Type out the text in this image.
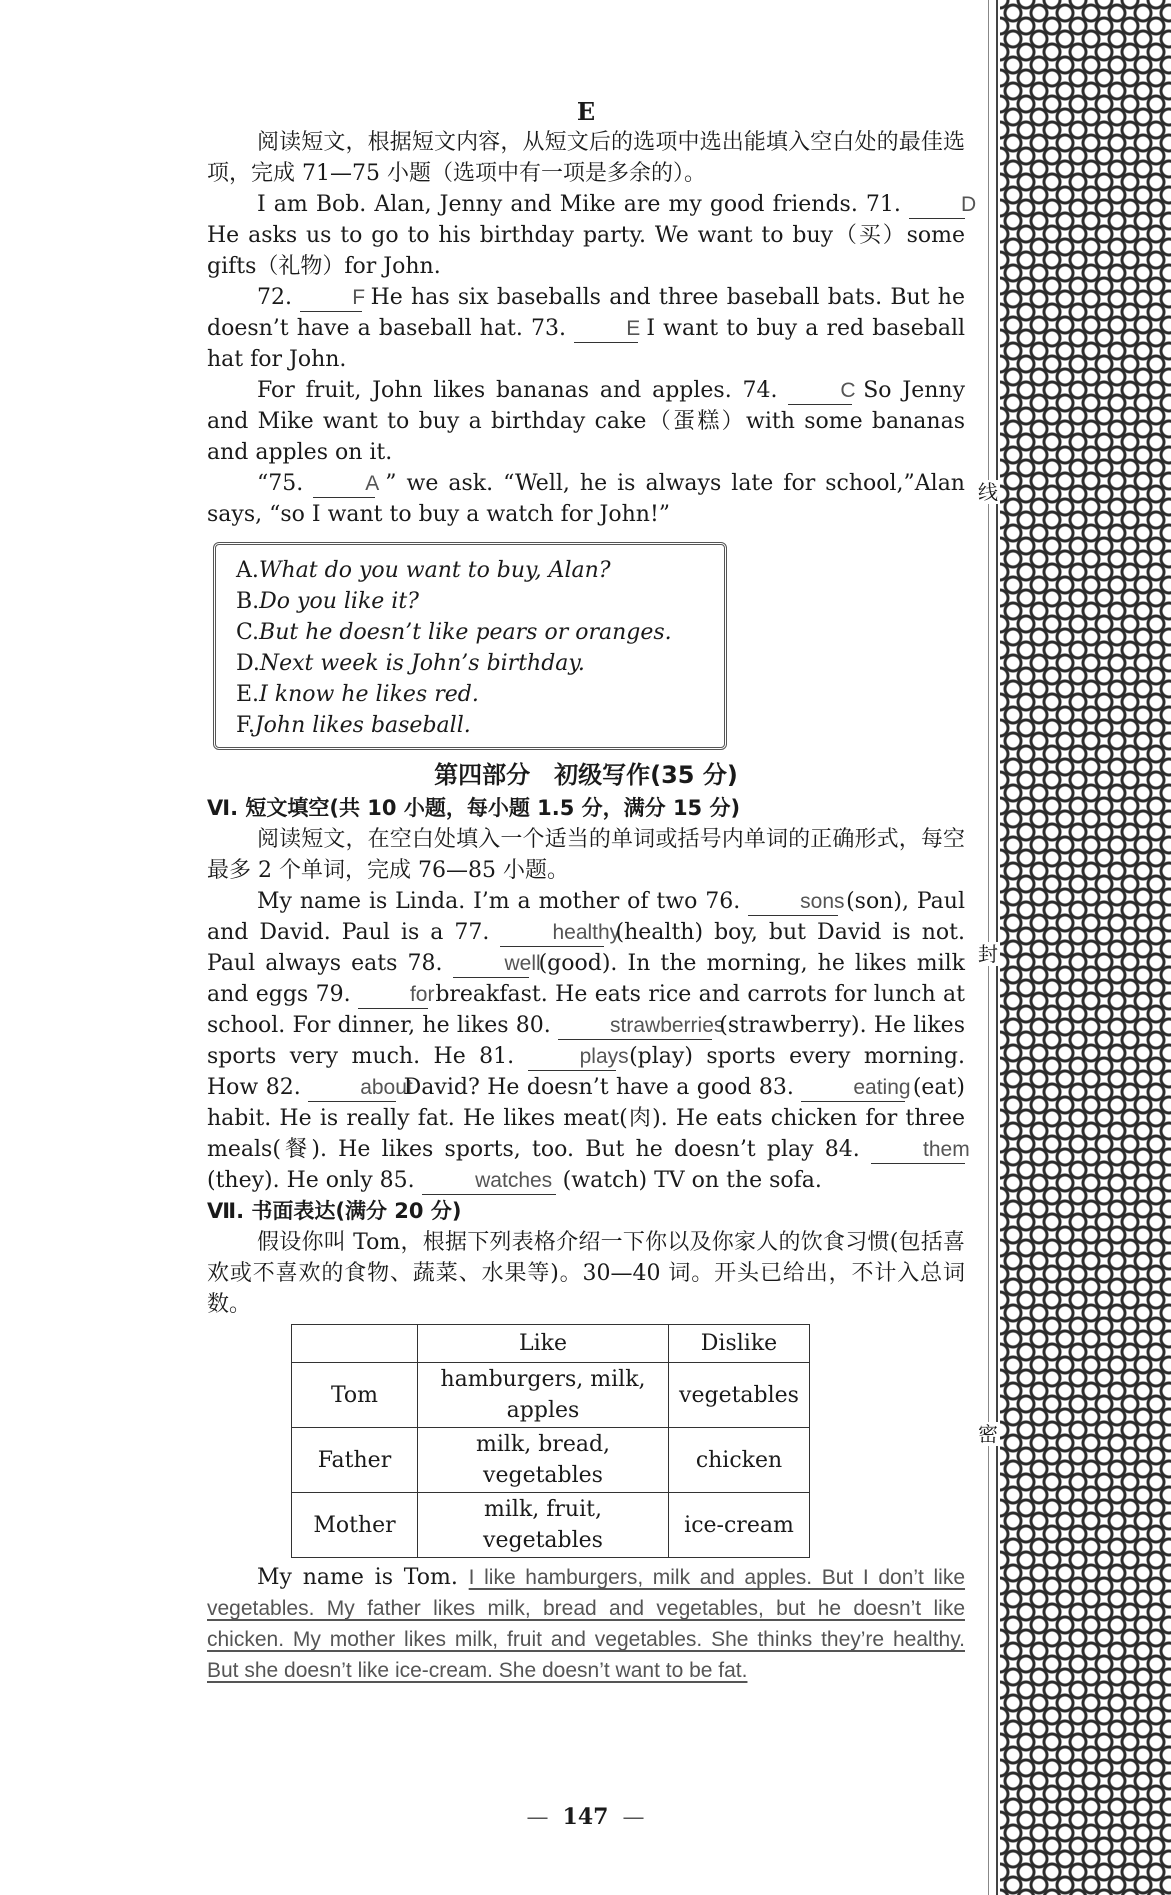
线
封
密
E

阅读短文，根据短文内容，从短文后的选项中选出能填入空白处的最佳选项，完成 71—75 小题（选项中有一项是多余的）。

I am Bob. Alan, Jenny and Mike are my good friends. 71.	D He asks us to go to his birthday party. We want to buy（买）some gifts（礼物）for John.

72.	F He has six baseballs and three baseball bats. But he doesn’t have a baseball hat. 73.	E I want to buy a red baseball hat for John.

For fruit, John likes bananas and apples. 74.	C So Jenny and Mike want to buy a birthday cake（蛋糕）with some bananas and apples on it.

“75.	A ” we ask. “Well, he is always late for school,”Alan says, “so I want to buy a watch for John!”

A.What do you want to buy, Alan?
B.Do you like it?
C.But he doesn’t like pears or oranges.
D.Next week is John’s birthday.
E.I know he likes red.
F.John likes baseball.
第四部分　初级写作(35 分)
Ⅵ. 短文填空(共 10 小题，每小题 1.5 分，满分 15 分)

阅读短文，在空白处填入一个适当的单词或括号内单词的正确形式，每空最多 2 个单词，完成 76—85 小题。

My name is Linda. I’m a mother of two 76.	sons (son), Paul and David. Paul is a 77.	healthy (health) boy, but David is not. Paul always eats 78.	well (good). In the morning, he likes milk and eggs 79.	for breakfast. He eats rice and carrots for lunch at school. For dinner, he likes 80.	strawberries (strawberry). He likes sports very much. He 81.	plays (play) sports every morning. How 82.	about David? He doesn’t have a good 83.	eating (eat) habit. He is really fat. He likes meat(肉). He eats chicken for three meals(餐). He likes sports, too. But he doesn’t play 84.	them (they). He only 85.	watches (watch) TV on the sofa.

Ⅶ. 书面表达(满分 20 分)

假设你叫 Tom，根据下列表格介绍一下你以及你家人的饮食习惯(包括喜欢或不喜欢的食物、蔬菜、水果等)。30—40 词。开头已给出，不计入总词数。

	Like	Dislike
Tom	hamburgers, milk, apples	vegetables
Father	milk, bread, vegetables	chicken
Mother	milk, fruit, vegetables	ice-cream

My name is Tom. I like hamburgers, milk and apples. But I don’t like vegetables. My father likes milk, bread and vegetables, but he doesn’t like chicken. My mother likes milk, fruit and vegetables. She thinks they’re healthy. But she doesn’t like ice-cream. She doesn’t want to be fat.

— 147 —
